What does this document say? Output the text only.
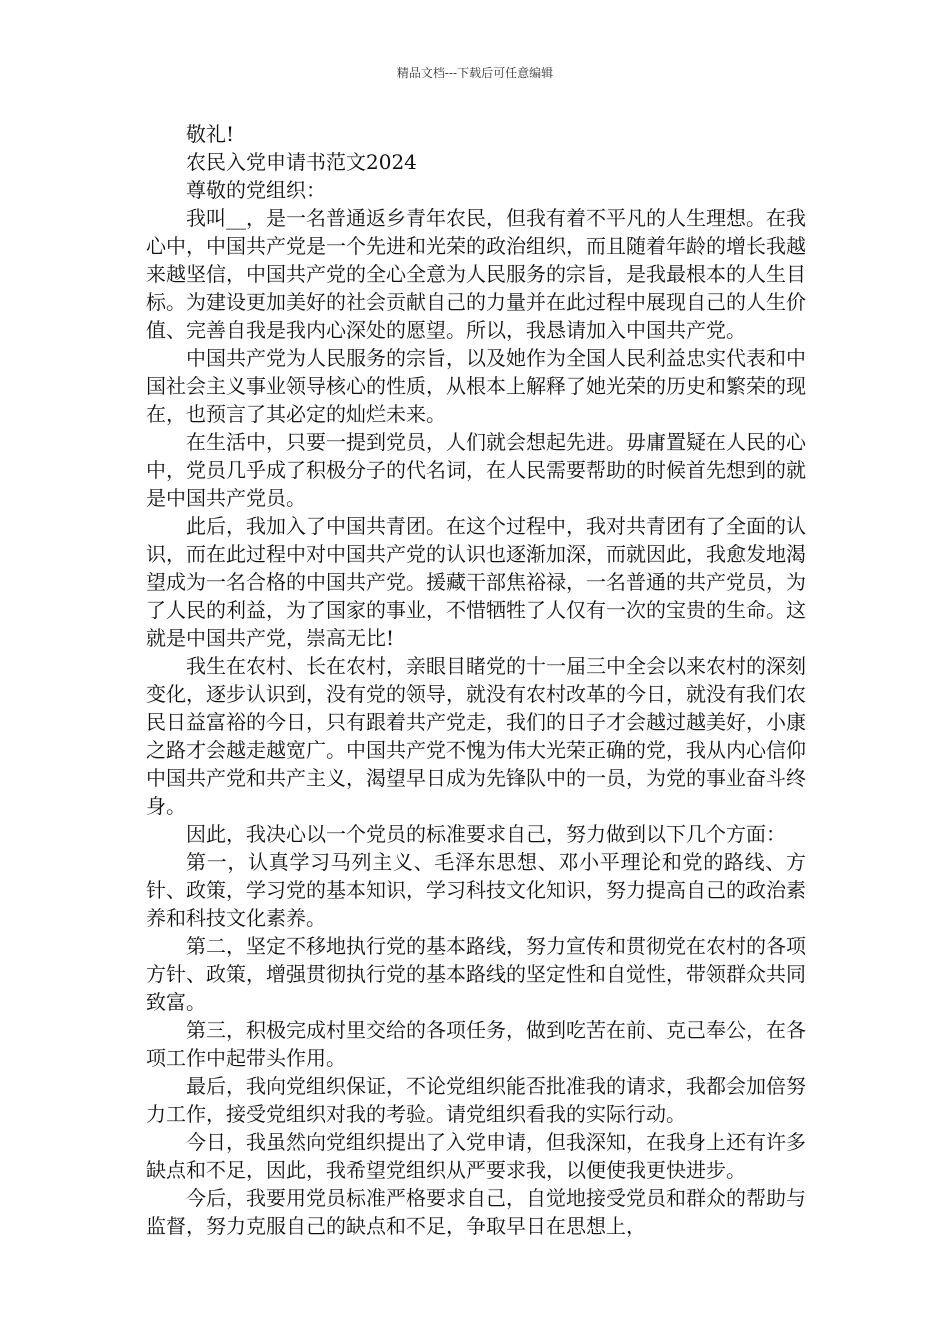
精品文档---下载后可任意编辑

敬礼!

农民入党申请书范文2024

尊敬的党组织：

我叫__，是一名普通返乡青年农民，但我有着不平凡的人生理想。在我心中，中国共产党是一个先进和光荣的政治组织，而且随着年龄的增长我越来越坚信，中国共产党的全心全意为人民服务的宗旨，是我最根本的人生目标。为建设更加美好的社会贡献自己的力量并在此过程中展现自己的人生价值、完善自我是我内心深处的愿望。所以，我恳请加入中国共产党。

中国共产党为人民服务的宗旨，以及她作为全国人民利益忠实代表和中国社会主义事业领导核心的性质，从根本上解释了她光荣的历史和繁荣的现在，也预言了其必定的灿烂未来。

在生活中，只要一提到党员，人们就会想起先进。毋庸置疑在人民的心中，党员几乎成了积极分子的代名词，在人民需要帮助的时候首先想到的就是中国共产党员。

此后，我加入了中国共青团。在这个过程中，我对共青团有了全面的认识，而在此过程中对中国共产党的认识也逐渐加深，而就因此，我愈发地渴望成为一名合格的中国共产党。援藏干部焦裕禄，一名普通的共产党员，为了人民的利益，为了国家的事业，不惜牺牲了人仅有一次的宝贵的生命。这就是中国共产党，崇高无比!

我生在农村、长在农村，亲眼目睹党的十一届三中全会以来农村的深刻变化，逐步认识到，没有党的领导，就没有农村改革的今日，就没有我们农民日益富裕的今日，只有跟着共产党走，我们的日子才会越过越美好，小康之路才会越走越宽广。中国共产党不愧为伟大光荣正确的党，我从内心信仰中国共产党和共产主义，渴望早日成为先锋队中的一员，为党的事业奋斗终身。

因此，我决心以一个党员的标准要求自己，努力做到以下几个方面：

第一，认真学习马列主义、毛泽东思想、邓小平理论和党的路线、方针、政策，学习党的基本知识，学习科技文化知识，努力提高自己的政治素养和科技文化素养。

第二，坚定不移地执行党的基本路线，努力宣传和贯彻党在农村的各项方针、政策，增强贯彻执行党的基本路线的坚定性和自觉性，带领群众共同致富。

第三，积极完成村里交给的各项任务，做到吃苦在前、克己奉公，在各项工作中起带头作用。

最后，我向党组织保证，不论党组织能否批准我的请求，我都会加倍努力工作，接受党组织对我的考验。请党组织看我的实际行动。

今日，我虽然向党组织提出了入党申请，但我深知，在我身上还有许多缺点和不足，因此，我希望党组织从严要求我，以便使我更快进步。

今后，我要用党员标准严格要求自己，自觉地接受党员和群众的帮助与监督，努力克服自己的缺点和不足，争取早日在思想上，
